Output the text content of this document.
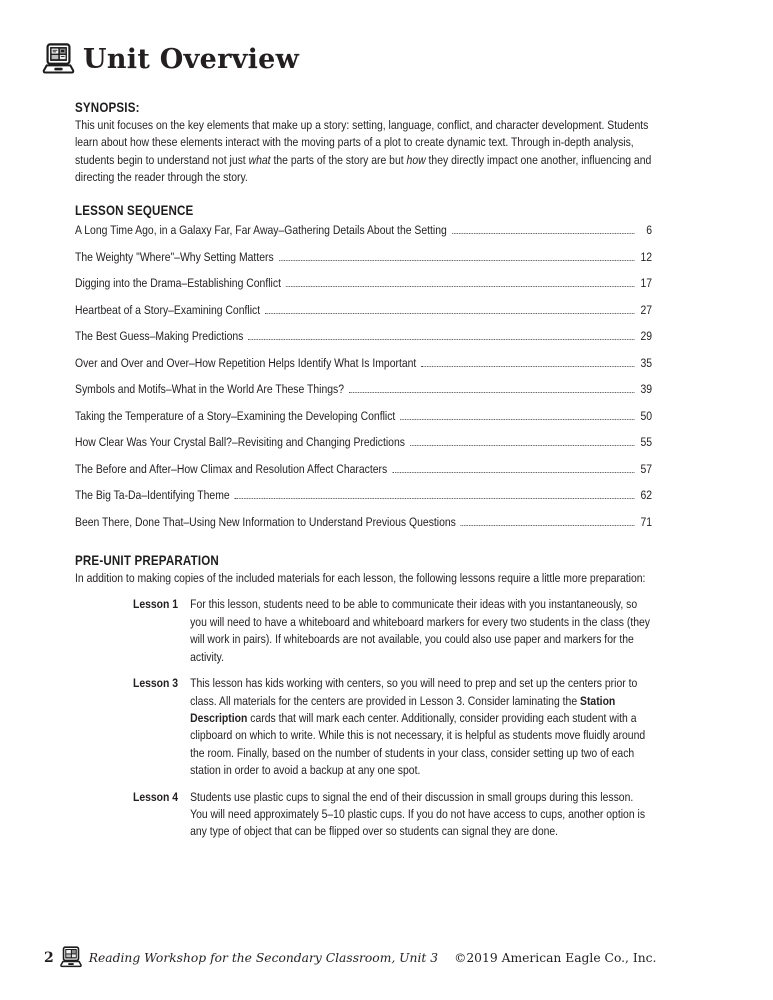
Unit Overview
SYNOPSIS:

This unit focuses on the key elements that make up a story: setting, language, conflict, and character development. Students learn about how these elements interact with the moving parts of a plot to create dynamic text. Through in-depth analysis, students begin to understand not just what the parts of the story are but how they directly impact one another, influencing and directing the reader through the story.

LESSON SEQUENCE
A Long Time Ago, in a Galaxy Far, Far Away–Gathering Details About the Setting	6
The Weighty "Where"–Why Setting Matters	12
Digging into the Drama–Establishing Conflict	17
Heartbeat of a Story–Examining Conflict	27
The Best Guess–Making Predictions	29
Over and Over and Over–How Repetition Helps Identify What Is Important	35
Symbols and Motifs–What in the World Are These Things?	39
Taking the Temperature of a Story–Examining the Developing Conflict	50
How Clear Was Your Crystal Ball?–Revisiting and Changing Predictions	55
The Before and After–How Climax and Resolution Affect Characters	57
The Big Ta-Da–Identifying Theme	62
Been There, Done That–Using New Information to Understand Previous Questions	71
PRE-UNIT PREPARATION

In addition to making copies of the included materials for each lesson, the following lessons require a little more preparation:

Lesson 1 For this lesson, students need to be able to communicate their ideas with you instantaneously, so you will need to have a whiteboard and whiteboard markers for every two students in the class (they will work in pairs). If whiteboards are not available, you could also use paper and markers for the activity.

Lesson 3 This lesson has kids working with centers, so you will need to prep and set up the centers prior to class. All materials for the centers are provided in Lesson 3. Consider laminating the Station Description cards that will mark each center. Additionally, consider providing each student with a clipboard on which to write. While this is not necessary, it is helpful as students move fluidly around the room. Finally, based on the number of students in your class, consider setting up two of each station in order to avoid a backup at any one spot.

Lesson 4 Students use plastic cups to signal the end of their discussion in small groups during this lesson. You will need approximately 5–10 plastic cups. If you do not have access to cups, another option is any type of object that can be flipped over so students can signal they are done.

2	Reading Workshop for the Secondary Classroom, Unit 3 ©2019 American Eagle Co., Inc.
